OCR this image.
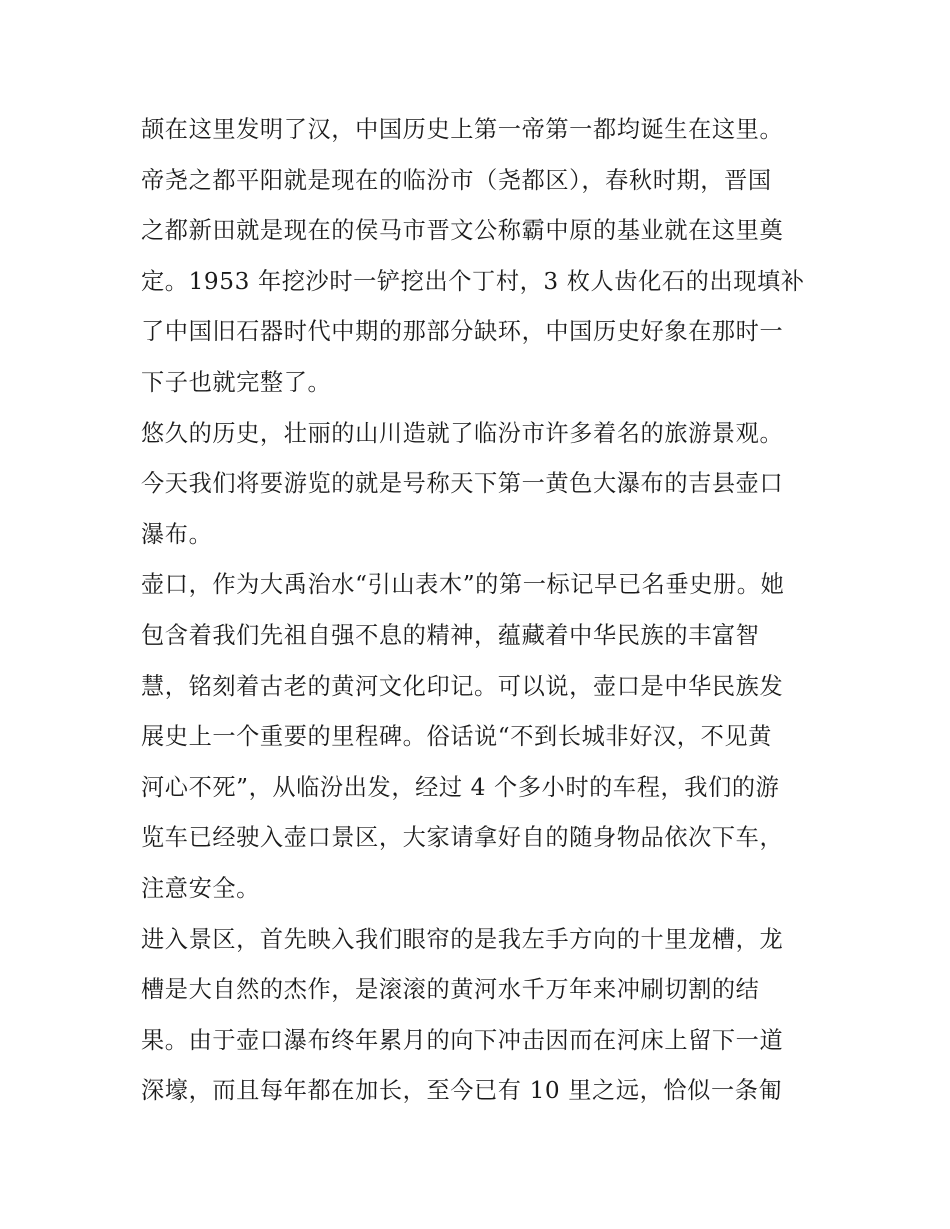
颉在这里发明了汉，中国历史上第一帝第一都均诞生在这里。
帝尧之都平阳就是现在的临汾市（尧都区），春秋时期，晋国
之都新田就是现在的侯马市晋文公称霸中原的基业就在这里奠
定。1953 年挖沙时一铲挖出个丁村，3 枚人齿化石的出现填补
了中国旧石器时代中期的那部分缺环，中国历史好象在那时一
下子也就完整了。
悠久的历史，壮丽的山川造就了临汾市许多着名的旅游景观。
今天我们将要游览的就是号称天下第一黄色大瀑布的吉县壶口
瀑布。
壶口，作为大禹治水“引山表木”的第一标记早已名垂史册。她
包含着我们先祖自强不息的精神，蕴藏着中华民族的丰富智
慧，铭刻着古老的黄河文化印记。可以说，壶口是中华民族发
展史上一个重要的里程碑。俗话说“不到长城非好汉，不见黄
河心不死”，从临汾出发，经过 4 个多小时的车程，我们的游
览车已经驶入壶口景区，大家请拿好自的随身物品依次下车，
注意安全。
进入景区，首先映入我们眼帘的是我左手方向的十里龙槽，龙
槽是大自然的杰作，是滚滚的黄河水千万年来冲刷切割的结
果。由于壶口瀑布终年累月的向下冲击因而在河床上留下一道
深壕，而且每年都在加长，至今已有 10 里之远，恰似一条匍
